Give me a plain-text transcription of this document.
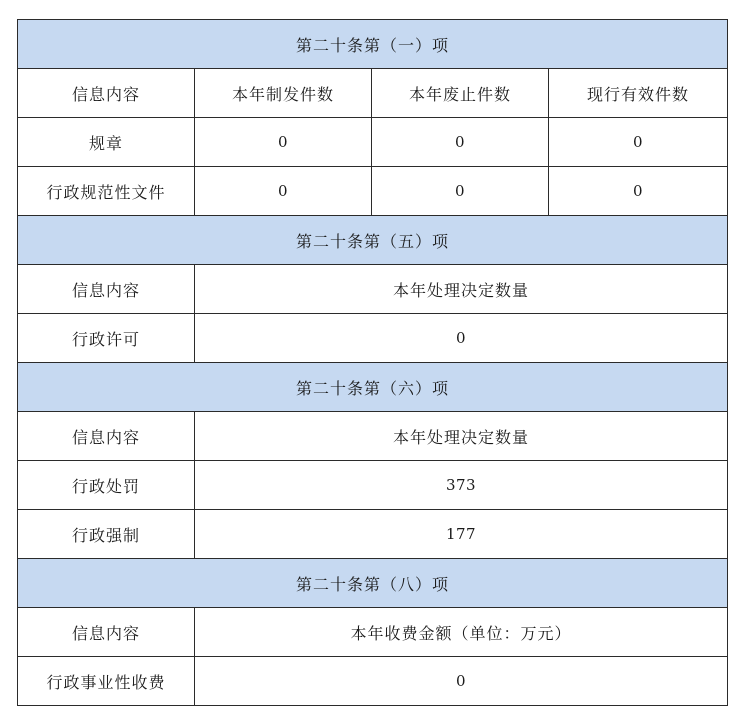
第二十条第（一）项			
信息内容	本年制发件数	本年废止件数	现行有效件数
规章	0	0	0
行政规范性文件	0	0	0
第二十条第（五）项			
信息内容	本年处理决定数量		
行政许可	0		
第二十条第（六）项			
信息内容	本年处理决定数量		
行政处罚	373		
行政强制	177		
第二十条第（八）项			
信息内容	本年收费金额（单位：万元）		
行政事业性收费	0		
